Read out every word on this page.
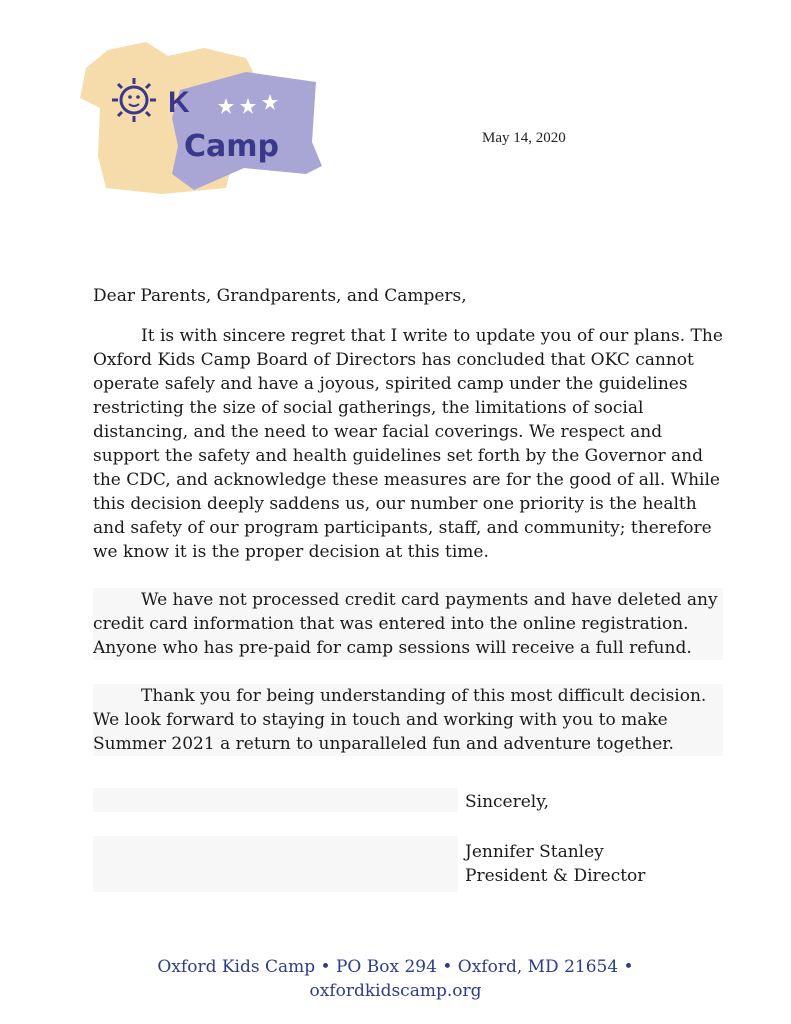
K
Camp	May 14, 2020

Dear Parents, Grandparents, and Campers,

It is with sincere regret that I write to update you of our plans. The Oxford Kids Camp Board of Directors has concluded that OKC cannot operate safely and have a joyous, spirited camp under the guidelines restricting the size of social gatherings, the limitations of social distancing, and the need to wear facial coverings. We respect and support the safety and health guidelines set forth by the Governor and the CDC, and acknowledge these measures are for the good of all. While this decision deeply saddens us, our number one priority is the health and safety of our program participants, staff, and community; therefore we know it is the proper decision at this time.

We have not processed credit card payments and have deleted any credit card information that was entered into the online registration. Anyone who has pre-paid for camp sessions will receive a full refund.

Thank you for being understanding of this most difficult decision. We look forward to staying in touch and working with you to make Summer 2021 a return to unparalleled fun and adventure together.

Sincerely,

Jennifer Stanley
President & Director
Oxford Kids Camp • PO Box 294 • Oxford, MD 21654 •
oxfordkidscamp.org
